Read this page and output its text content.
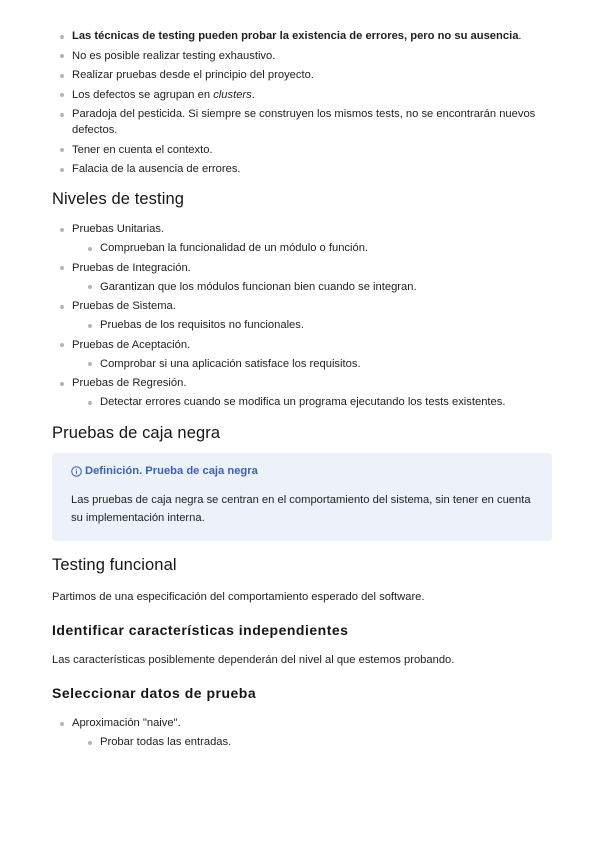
Las técnicas de testing pueden probar la existencia de errores, pero no su ausencia.
No es posible realizar testing exhaustivo.
Realizar pruebas desde el principio del proyecto.
Los defectos se agrupan en clusters.
Paradoja del pesticida. Si siempre se construyen los mismos tests, no se encontrarán nuevos defectos.
Tener en cuenta el contexto.
Falacia de la ausencia de errores.
Niveles de testing
Pruebas Unitarias.
Comprueban la funcionalidad de un módulo o función.
Pruebas de Integración.
Garantizan que los módulos funcionan bien cuando se integran.
Pruebas de Sistema.
Pruebas de los requisitos no funcionales.
Pruebas de Aceptación.
Comprobar si una aplicación satisface los requisitos.
Pruebas de Regresión.
Detectar errores cuando se modifica un programa ejecutando los tests existentes.
Pruebas de caja negra
Definición. Prueba de caja negra

Las pruebas de caja negra se centran en el comportamiento del sistema, sin tener en cuenta su implementación interna.

Testing funcional

Partimos de una especificación del comportamiento esperado del software.

Identificar características independientes

Las características posiblemente dependerán del nivel al que estemos probando.

Seleccionar datos de prueba
Aproximación "naive".
Probar todas las entradas.
